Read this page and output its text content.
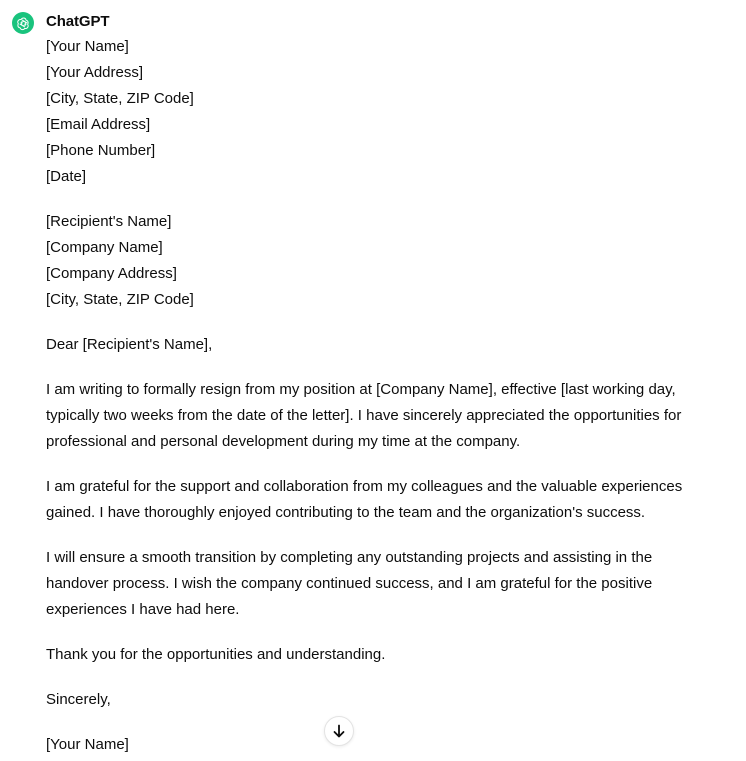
ChatGPT

[Your Name]
[Your Address]
[City, State, ZIP Code]
[Email Address]
[Phone Number]
[Date]

[Recipient's Name]
[Company Name]
[Company Address]
[City, State, ZIP Code]

Dear [Recipient's Name],

I am writing to formally resign from my position at [Company Name], effective [last working day,
typically two weeks from the date of the letter]. I have sincerely appreciated the opportunities for
professional and personal development during my time at the company.

I am grateful for the support and collaboration from my colleagues and the valuable experiences
gained. I have thoroughly enjoyed contributing to the team and the organization's success.

I will ensure a smooth transition by completing any outstanding projects and assisting in the
handover process. I wish the company continued success, and I am grateful for the positive
experiences I have had here.

Thank you for the opportunities and understanding.

Sincerely,

[Your Name]
